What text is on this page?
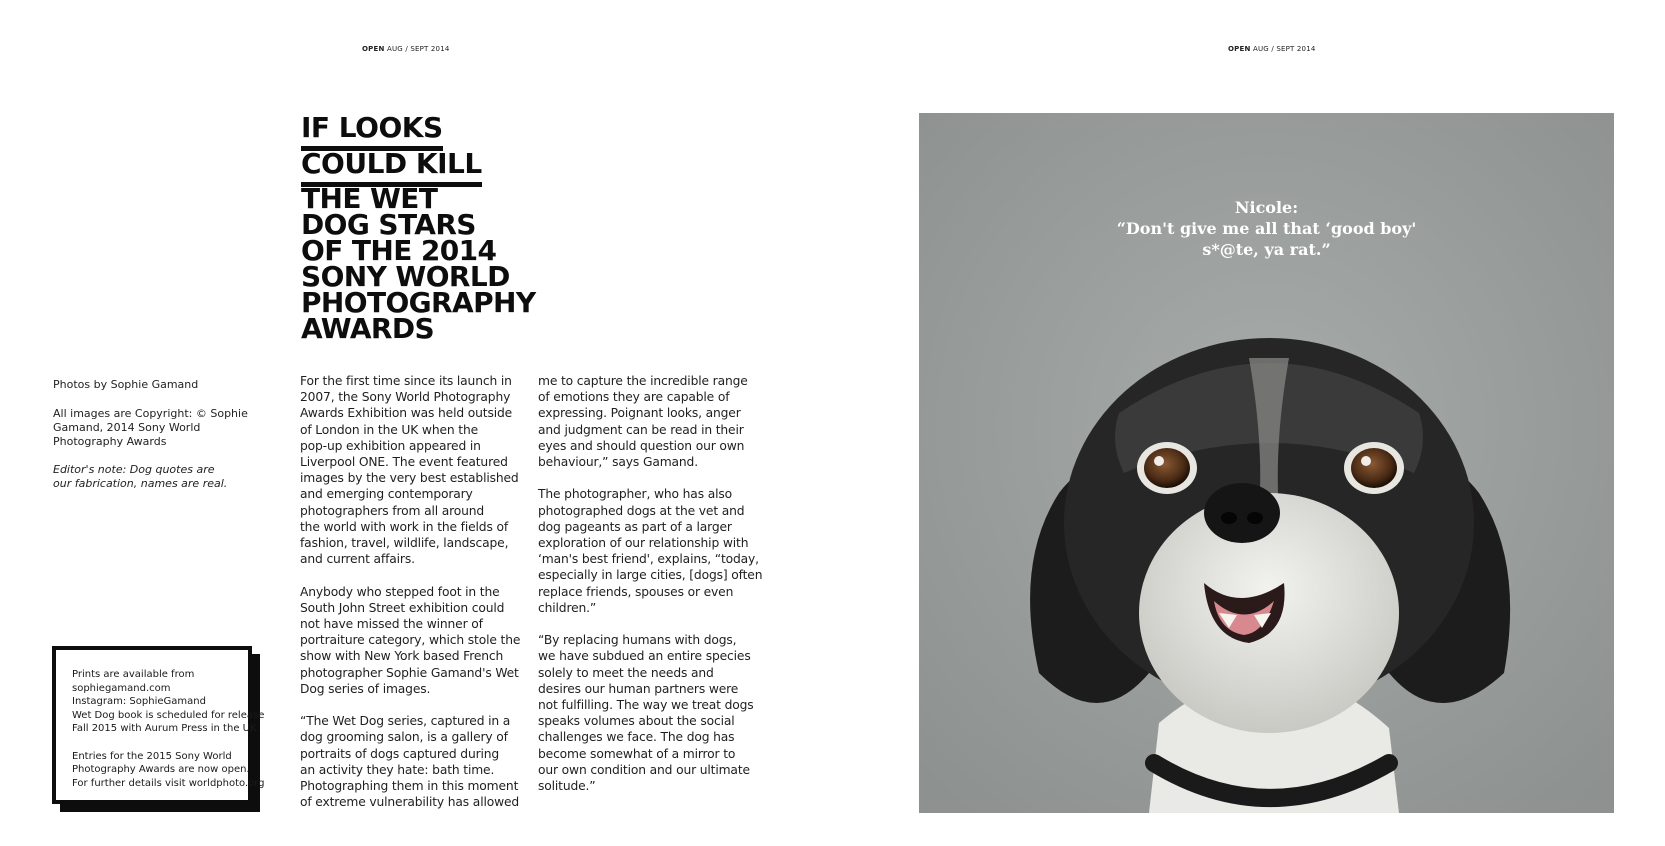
OPEN AUG / SEPT 2014	OPEN AUG / SEPT 2014
IF LOOKS
COULD KILL
THE WET
DOG STARS
OF THE 2014
SONY WORLD
PHOTOGRAPHY
AWARDS
Photos by Sophie Gamand
All images are Copyright: © Sophie Gamand, 2014 Sony World Photography Awards
Editor's note: Dog quotes are
our fabrication, names are real.

Prints are available from

sophiegamand.com

Instagram: SophieGamand

Wet Dog book is scheduled for release

Fall 2015 with Aurum Press in the UK.

Entries for the 2015 Sony World

Photography Awards are now open.

For further details visit worldphoto.org

For the first time since its launch in
2007, the Sony World Photography
Awards Exhibition was held outside
of London in the UK when the
pop-up exhibition appeared in
Liverpool ONE. The event featured
images by the very best established
and emerging contemporary
photographers from all around
the world with work in the fields of
fashion, travel, wildlife, landscape,
and current affairs.

Anybody who stepped foot in the
South John Street exhibition could
not have missed the winner of
portraiture category, which stole the
show with New York based French
photographer Sophie Gamand's Wet
Dog series of images.

“The Wet Dog series, captured in a
dog grooming salon, is a gallery of
portraits of dogs captured during
an activity they hate: bath time.
Photographing them in this moment
of extreme vulnerability has allowed

me to capture the incredible range
of emotions they are capable of
expressing. Poignant looks, anger
and judgment can be read in their
eyes and should question our own
behaviour,” says Gamand.

The photographer, who has also
photographed dogs at the vet and
dog pageants as part of a larger
exploration of our relationship with
‘man's best friend', explains, “today,
especially in large cities, [dogs] often
replace friends, spouses or even
children.”

“By replacing humans with dogs,
we have subdued an entire species
solely to meet the needs and
desires our human partners were
not fulfilling. The way we treat dogs
speaks volumes about the social
challenges we face. The dog has
become somewhat of a mirror to
our own condition and our ultimate
solitude.”

Nicole:
“Don't give me all that ‘good boy'
s*@te, ya rat.”
